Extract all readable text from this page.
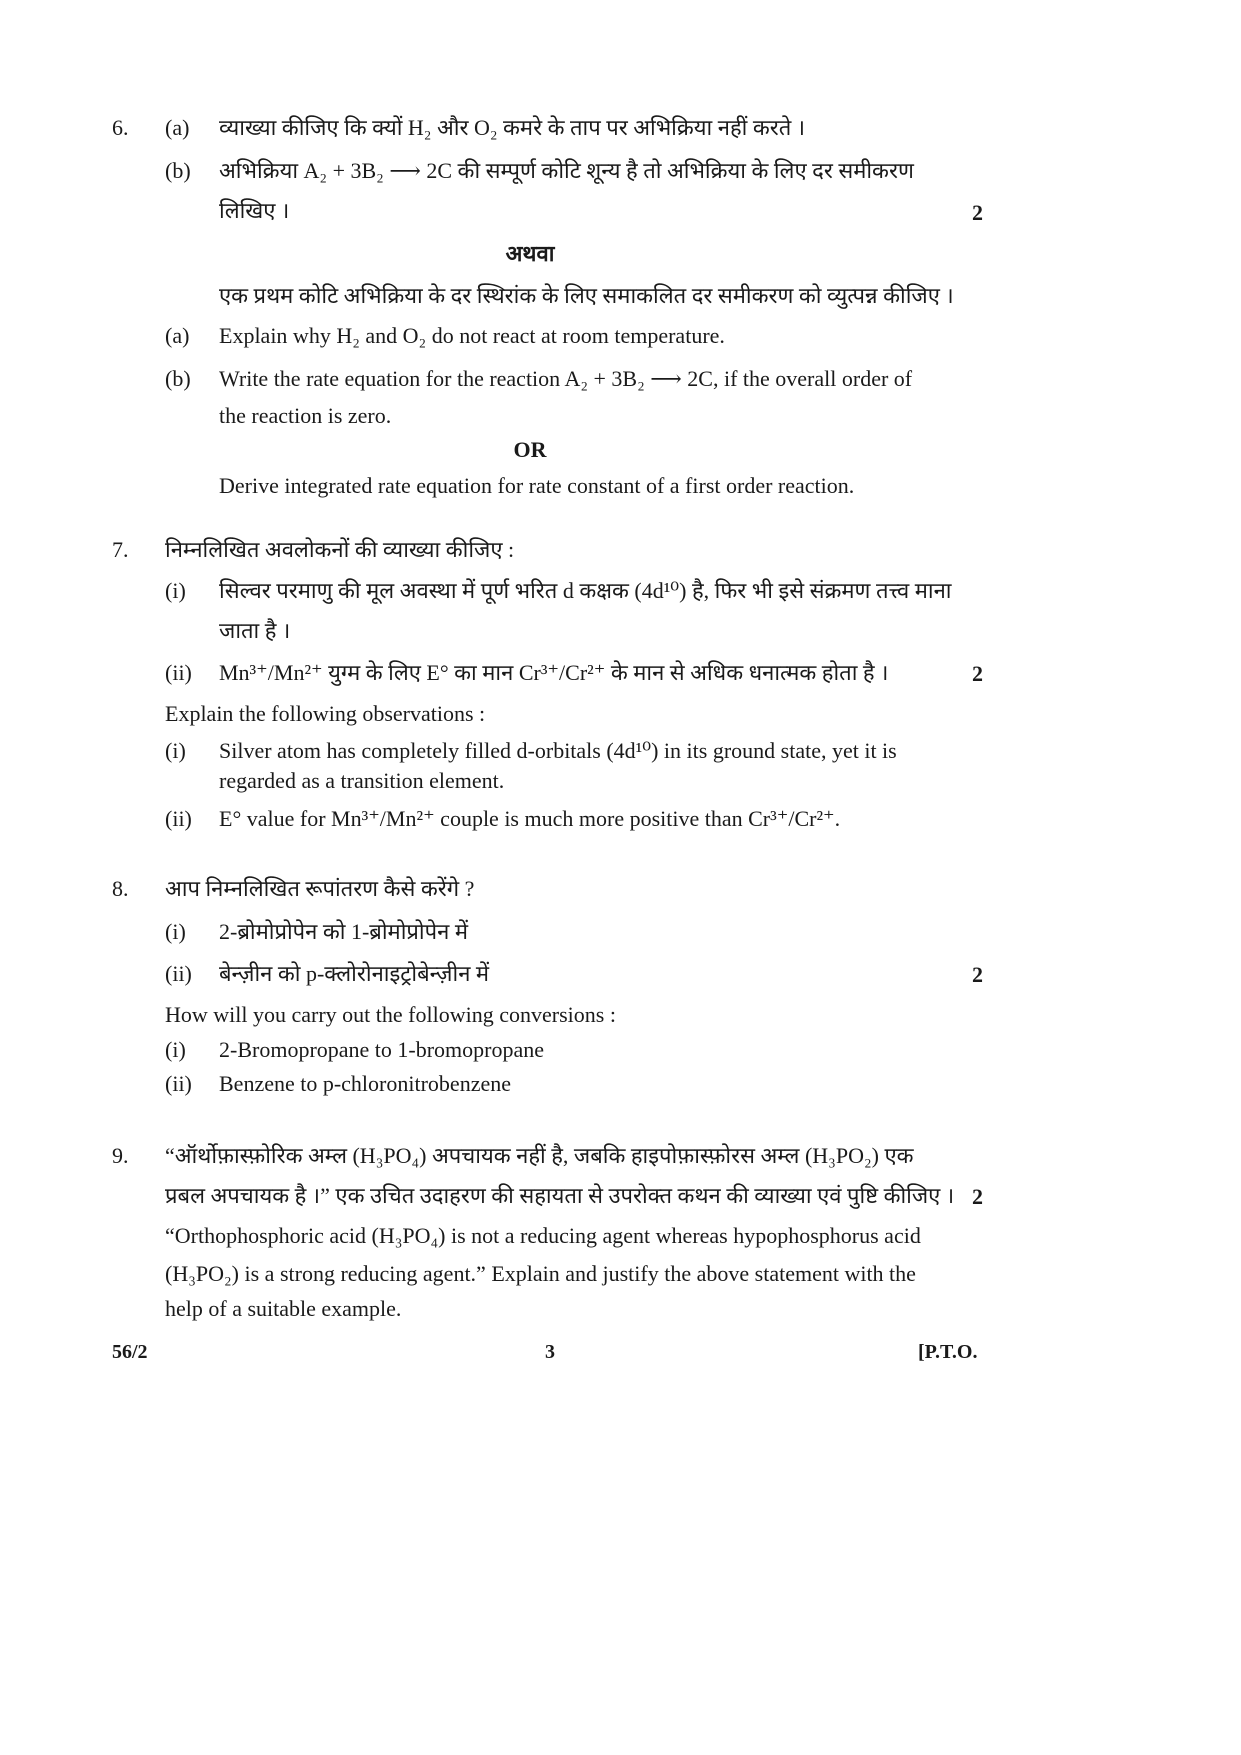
6. (a) व्याख्या कीजिए कि क्यों H₂ और O₂ कमरे के ताप पर अभिक्रिया नहीं करते ।
(b) अभिक्रिया A₂ + 3B₂ ⟶ 2C की सम्पूर्ण कोटि शून्य है तो अभिक्रिया के लिए दर समीकरण
लिखिए ।	2
अथवा
एक प्रथम कोटि अभिक्रिया के दर स्थिरांक के लिए समाकलित दर समीकरण को व्युत्पन्न कीजिए ।
(a) Explain why H₂ and O₂ do not react at room temperature.
(b) Write the rate equation for the reaction A₂ + 3B₂ ⟶ 2C, if the overall order of
the reaction is zero.
OR
Derive integrated rate equation for rate constant of a first order reaction.
7. निम्नलिखित अवलोकनों की व्याख्या कीजिए :
(i) सिल्वर परमाणु की मूल अवस्था में पूर्ण भरित d कक्षक (4d¹⁰) है, फिर भी इसे संक्रमण तत्त्व माना
जाता है ।
(ii) Mn³⁺/Mn²⁺ युग्म के लिए E° का मान Cr³⁺/Cr²⁺ के मान से अधिक धनात्मक होता है ।	2
Explain the following observations :
(i) Silver atom has completely filled d-orbitals (4d¹⁰) in its ground state, yet it is
regarded as a transition element.
(ii) E° value for Mn³⁺/Mn²⁺ couple is much more positive than Cr³⁺/Cr²⁺.
8. आप निम्नलिखित रूपांतरण कैसे करेंगे ?
(i) 2-ब्रोमोप्रोपेन को 1-ब्रोमोप्रोपेन में
(ii) बेन्ज़ीन को p-क्लोरोनाइट्रोबेन्ज़ीन में	2
How will you carry out the following conversions :
(i) 2-Bromopropane to 1-bromopropane
(ii) Benzene to p-chloronitrobenzene
9. “ऑर्थोफ़ास्फ़ोरिक अम्ल (H₃PO₄) अपचायक नहीं है, जबकि हाइपोफ़ास्फ़ोरस अम्ल (H₃PO₂) एक
प्रबल अपचायक है ।” एक उचित उदाहरण की सहायता से उपरोक्त कथन की व्याख्या एवं पुष्टि कीजिए । 2
“Orthophosphoric acid (H₃PO₄) is not a reducing agent whereas hypophosphorus acid
(H₃PO₂) is a strong reducing agent.” Explain and justify the above statement with the
help of a suitable example.
56/2	3	[P.T.O.
